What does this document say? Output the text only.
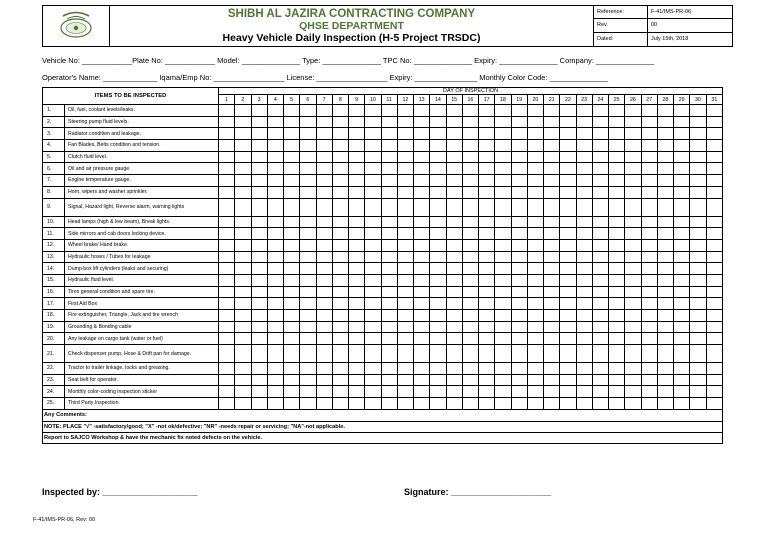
SHIBH AL JAZIRA CONTRACTING COMPANY
QHSE DEPARTMENT
Heavy Vehicle Daily Inspection (H-5 Project TRSDC)	Reference:	F-41/IMS-PR-06
		Rev.	00
		Dated:	July 15th, 2018
Vehicle No: ____________Plate No: ____________ Model: ______________ Type: ______________ TPC No: ______________ Expiry: ______________ Company: ______________
Operator's Name: _____________ Iqama/Emp No: _________________ License: _________________ Expiry: _______________ Monthly Color Code: ______________
ITEMS TO BE INSPECTED		DAY OF INSPECTION																														
		1	2	3	4	5	6	7	8	9	10	11	12	13	14	15	16	17	18	19	20	21	22	23	24	25	26	27	28	29	30	31
1.	Oil, fuel, coolant levels/leaks.																															
2.	Steering pump fluid levels.																															
3.	Radiator condition and leakage.																															
4.	Fan Blades, Belts condition and tension.																															
5.	Clutch fluid level.																															
6.	Oil and air pressure gauge.																															
7.	Engine temperature gauge.																															
8.	Horn, wipers and washer sprinkler.																															
9.	Signal, Hazard light, Reverse alarm, warning lights																															
10.	Head lamps (high & low beam), Break lights.																															
11.	Side mirrors and cab doors locking device.																															
12.	Wheel brake/ Hand brake.																															
13.	Hydraulic hoses / Tubes for leakage																															
14.	Dump box lift cylinders (leaks and securing)																															
15.	Hydraulic fluid level.																															
16.	Tires general condition and spare tire.																															
17.	First Aid Box																															
18.	Fire extinguisher, Triangle, Jack and tire wrench																															
19.	Grounding & Bonding cable																															
20.	Any leakage on cargo tank (water or fuel)																															
21.	Check dispenser pump, Hose & Drift pan for damage.																															
22.	Tractor to trailer linkage, locks and greasing.																															
23.	Seat belt for operator.																															
24.	Monthly color-coding inspection sticker																															
25.	Third Party Inspection																															
Any Comments:																																
NOTE: PLACE "√" -satisfactory/good; "X" -not ok/defective; "NR" -needs repair or servicing; "NA"-not applicable.																																
Report to SAJCO Workshop & have the mechanic fix noted defects on the vehicle.																																
Inspected by: ___________________	Signature: ____________________
F-41/IMS-PR-06, Rev: 00
